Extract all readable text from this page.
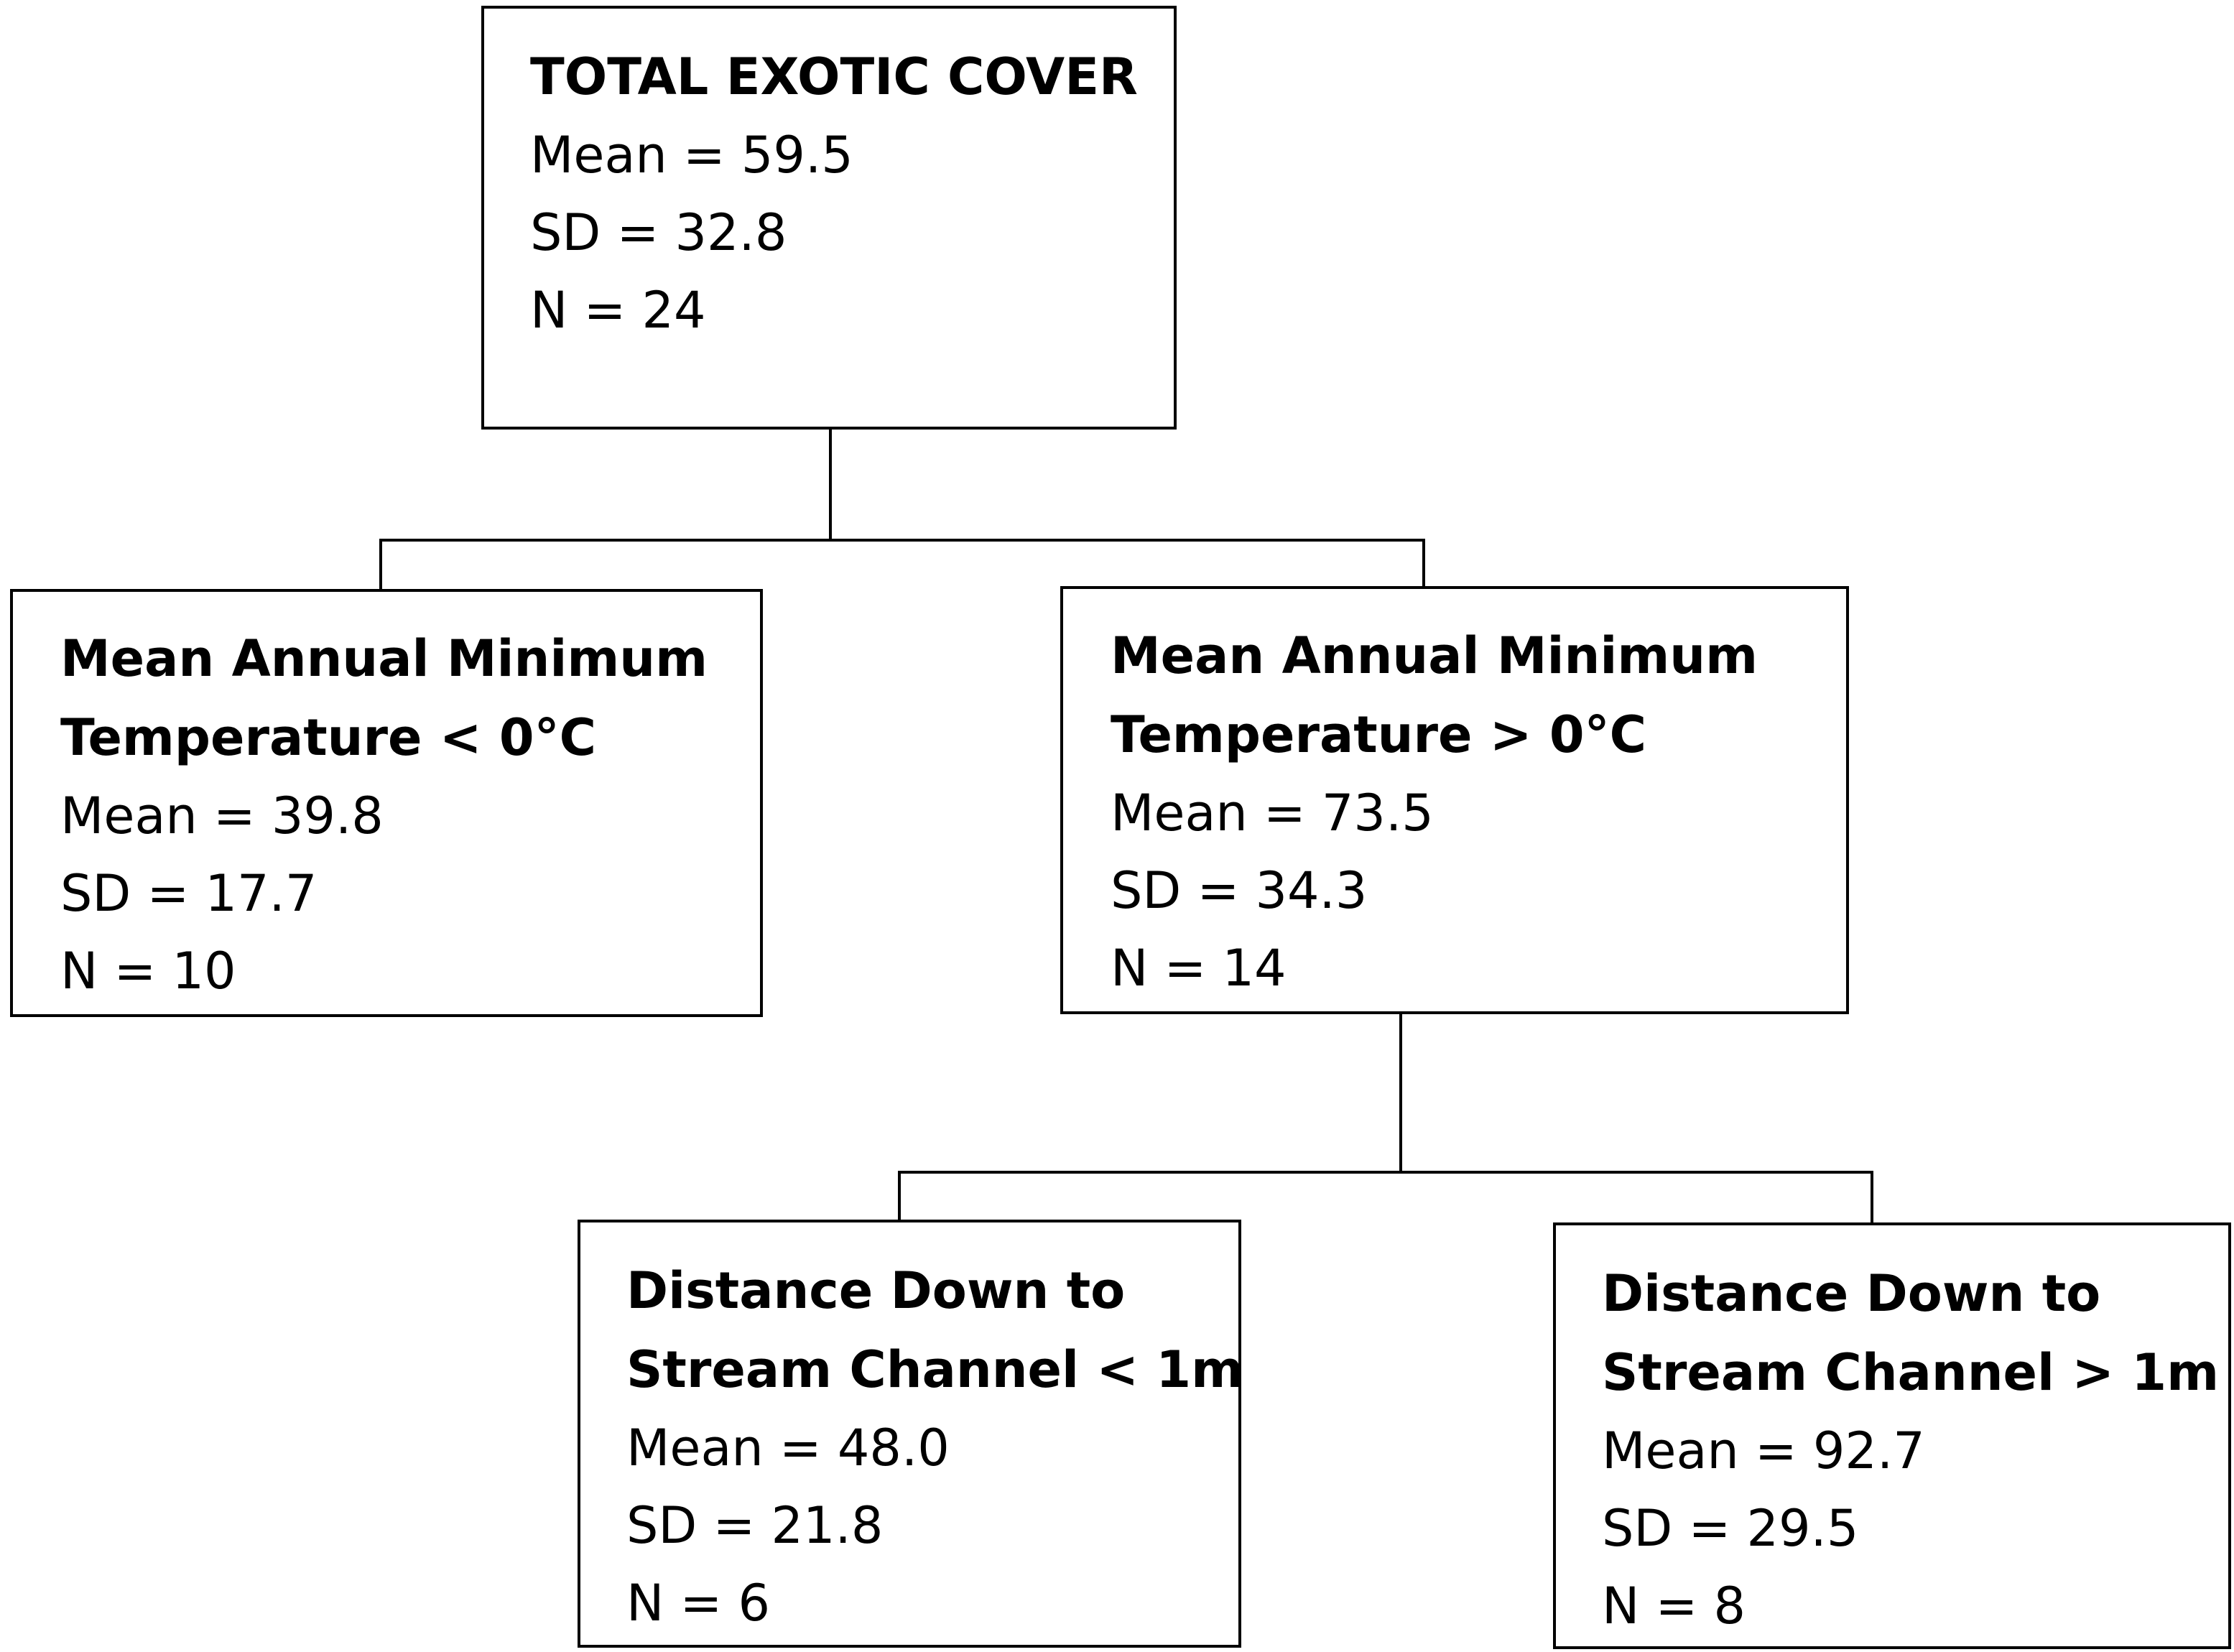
TOTAL EXOTIC COVER
Mean = 59.5
SD = 32.8
N = 24
Mean Annual Minimum
Temperature < 0°C
Mean = 39.8
SD = 17.7
N = 10
Mean Annual Minimum
Temperature > 0°C
Mean = 73.5
SD = 34.3
N = 14
Distance Down to
Stream Channel < 1m
Mean = 48.0
SD = 21.8
N = 6
Distance Down to
Stream Channel > 1m
Mean = 92.7
SD = 29.5
N = 8
